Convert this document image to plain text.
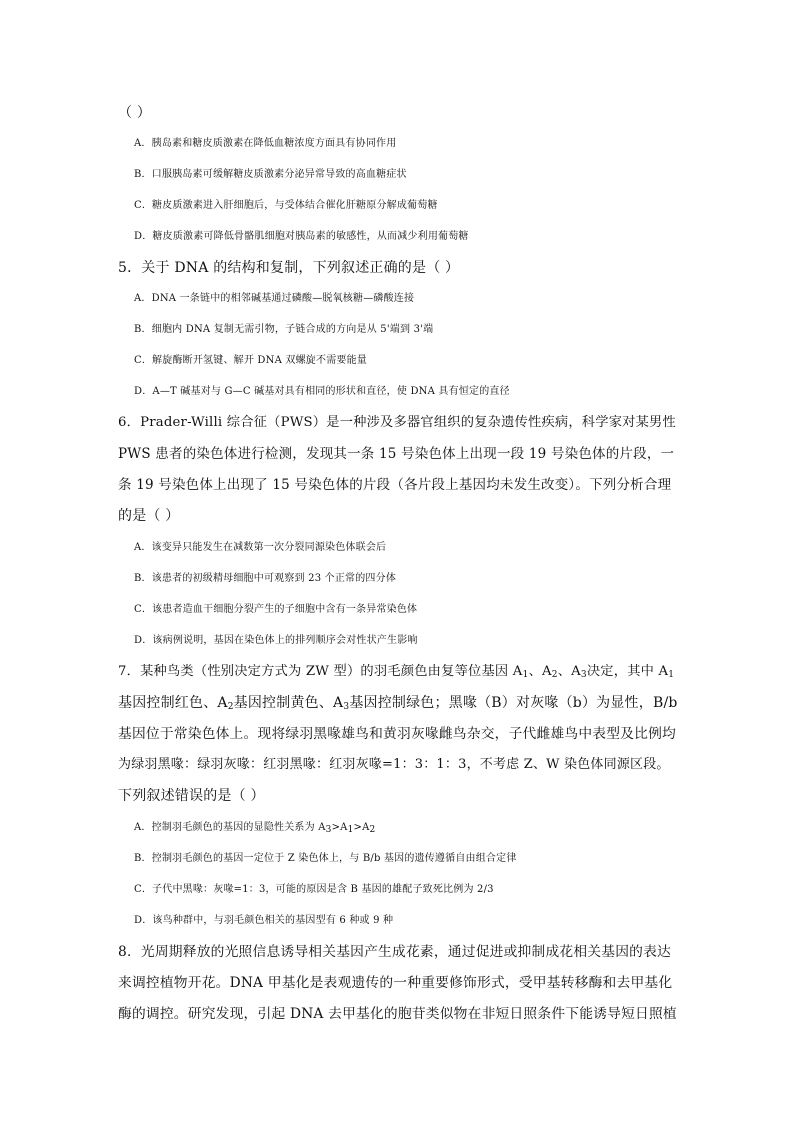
（ ）
A．胰岛素和糖皮质激素在降低血糖浓度方面具有协同作用
B．口服胰岛素可缓解糖皮质激素分泌异常导致的高血糖症状
C．糖皮质激素进入肝细胞后，与受体结合催化肝糖原分解成葡萄糖
D．糖皮质激素可降低骨骼肌细胞对胰岛素的敏感性，从而减少利用葡萄糖
5．关于 DNA 的结构和复制，下列叙述正确的是（ ）
A．DNA 一条链中的相邻碱基通过磷酸—脱氧核糖—磷酸连接
B．细胞内 DNA 复制无需引物，子链合成的方向是从 5'端到 3'端
C．解旋酶断开氢键、解开 DNA 双螺旋不需要能量
D．A—T 碱基对与 G—C 碱基对具有相同的形状和直径，使 DNA 具有恒定的直径
6．Prader-Willi 综合征（PWS）是一种涉及多器官组织的复杂遗传性疾病，科学家对某男性
PWS 患者的染色体进行检测，发现其一条 15 号染色体上出现一段 19 号染色体的片段，一
条 19 号染色体上出现了 15 号染色体的片段（各片段上基因均未发生改变）。下列分析合理
的是（ ）
A．该变异只能发生在减数第一次分裂同源染色体联会后
B．该患者的初级精母细胞中可观察到 23 个正常的四分体
C．该患者造血干细胞分裂产生的子细胞中含有一条异常染色体
D．该病例说明，基因在染色体上的排列顺序会对性状产生影响
7．某种鸟类（性别决定方式为 ZW 型）的羽毛颜色由复等位基因 $A_1$、$A_2$、$A_3$决定，其中 $A_1$
基因控制红色、$A_2$基因控制黄色、$A_3$基因控制绿色；黑喙（B）对灰喙（b）为显性，B/b
基因位于常染色体上。现将绿羽黑喙雄鸟和黄羽灰喙雌鸟杂交，子代雌雄鸟中表型及比例均
为绿羽黑喙：绿羽灰喙：红羽黑喙：红羽灰喙=1：3：1：3，不考虑 Z、W 染色体同源区段。
下列叙述错误的是（ ）
A．控制羽毛颜色的基因的显隐性关系为 $A_3>A_1>A_2$
B．控制羽毛颜色的基因一定位于 Z 染色体上，与 B/b 基因的遗传遵循自由组合定律
C．子代中黑喙：灰喙=1：3，可能的原因是含 B 基因的雄配子致死比例为 2/3
D．该鸟种群中，与羽毛颜色相关的基因型有 6 种或 9 种
8．光周期释放的光照信息诱导相关基因产生成花素，通过促进或抑制成花相关基因的表达
来调控植物开花。DNA 甲基化是表观遗传的一种重要修饰形式，受甲基转移酶和去甲基化
酶的调控。研究发现，引起 DNA 去甲基化的胞苷类似物在非短日照条件下能诱导短日照植
